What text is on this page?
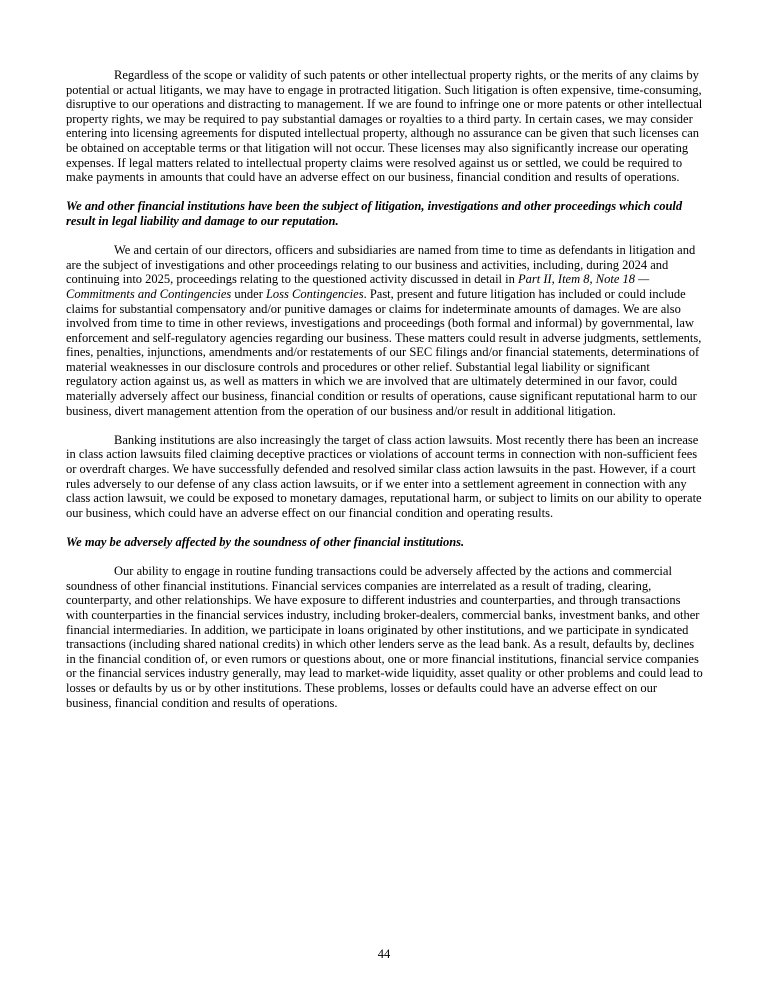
Regardless of the scope or validity of such patents or other intellectual property rights, or the merits of any claims by potential or actual litigants, we may have to engage in protracted litigation. Such litigation is often expensive, time-consuming, disruptive to our operations and distracting to management. If we are found to infringe one or more patents or other intellectual property rights, we may be required to pay substantial damages or royalties to a third party. In certain cases, we may consider entering into licensing agreements for disputed intellectual property, although no assurance can be given that such licenses can be obtained on acceptable terms or that litigation will not occur. These licenses may also significantly increase our operating expenses. If legal matters related to intellectual property claims were resolved against us or settled, we could be required to make payments in amounts that could have an adverse effect on our business, financial condition and results of operations.

We and other financial institutions have been the subject of litigation, investigations and other proceedings which could result in legal liability and damage to our reputation.

We and certain of our directors, officers and subsidiaries are named from time to time as defendants in litigation and are the subject of investigations and other proceedings relating to our business and activities, including, during 2024 and continuing into 2025, proceedings relating to the questioned activity discussed in detail in Part II, Item 8, Note 18 — Commitments and Contingencies under Loss Contingencies. Past, present and future litigation has included or could include claims for substantial compensatory and/or punitive damages or claims for indeterminate amounts of damages. We are also involved from time to time in other reviews, investigations and proceedings (both formal and informal) by governmental, law enforcement and self-regulatory agencies regarding our business. These matters could result in adverse judgments, settlements, fines, penalties, injunctions, amendments and/or restatements of our SEC filings and/or financial statements, determinations of material weaknesses in our disclosure controls and procedures or other relief. Substantial legal liability or significant regulatory action against us, as well as matters in which we are involved that are ultimately determined in our favor, could materially adversely affect our business, financial condition or results of operations, cause significant reputational harm to our business, divert management attention from the operation of our business and/or result in additional litigation.

Banking institutions are also increasingly the target of class action lawsuits. Most recently there has been an increase in class action lawsuits filed claiming deceptive practices or violations of account terms in connection with non-sufficient fees or overdraft charges. We have successfully defended and resolved similar class action lawsuits in the past. However, if a court rules adversely to our defense of any class action lawsuits, or if we enter into a settlement agreement in connection with any class action lawsuit, we could be exposed to monetary damages, reputational harm, or subject to limits on our ability to operate our business, which could have an adverse effect on our financial condition and operating results.

We may be adversely affected by the soundness of other financial institutions.

Our ability to engage in routine funding transactions could be adversely affected by the actions and commercial soundness of other financial institutions. Financial services companies are interrelated as a result of trading, clearing, counterparty, and other relationships. We have exposure to different industries and counterparties, and through transactions with counterparties in the financial services industry, including broker-dealers, commercial banks, investment banks, and other financial intermediaries. In addition, we participate in loans originated by other institutions, and we participate in syndicated transactions (including shared national credits) in which other lenders serve as the lead bank. As a result, defaults by, declines in the financial condition of, or even rumors or questions about, one or more financial institutions, financial service companies or the financial services industry generally, may lead to market-wide liquidity, asset quality or other problems and could lead to losses or defaults by us or by other institutions. These problems, losses or defaults could have an adverse effect on our business, financial condition and results of operations.

44
